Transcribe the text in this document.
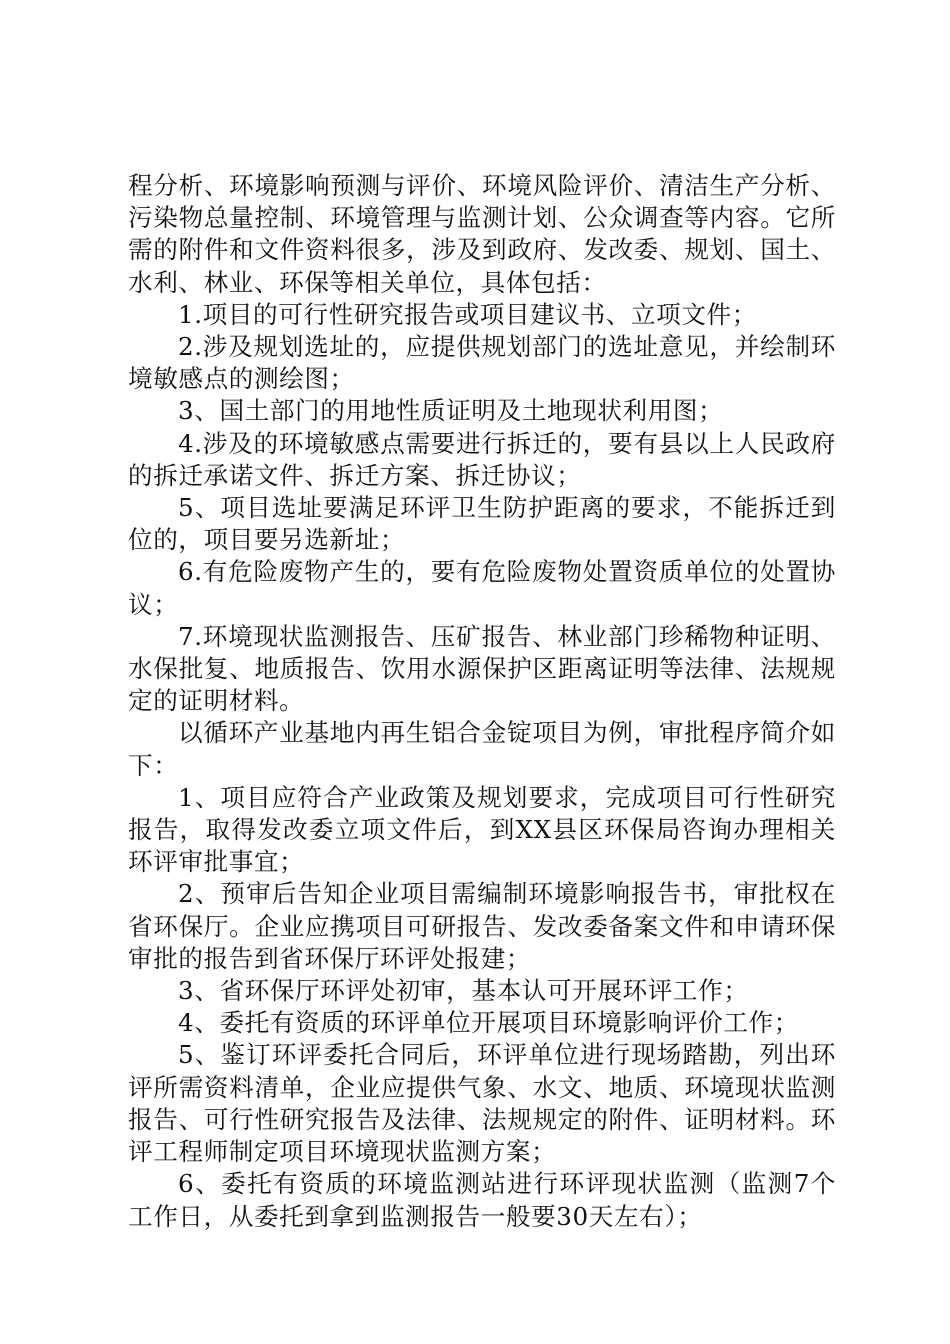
程分析、环境影响预测与评价、环境风险评价、清洁生产分析、污染物总量控制、环境管理与监测计划、公众调查等内容。它所需的附件和文件资料很多，涉及到政府、发改委、规划、国土、水利、林业、环保等相关单位，具体包括：

1.项目的可行性研究报告或项目建议书、立项文件；

2.涉及规划选址的，应提供规划部门的选址意见，并绘制环境敏感点的测绘图；

3、国土部门的用地性质证明及土地现状利用图；

4.涉及的环境敏感点需要进行拆迁的，要有县以上人民政府的拆迁承诺文件、拆迁方案、拆迁协议；

5、项目选址要满足环评卫生防护距离的要求，不能拆迁到位的，项目要另选新址；

6.有危险废物产生的，要有危险废物处置资质单位的处置协议；

7.环境现状监测报告、压矿报告、林业部门珍稀物种证明、水保批复、地质报告、饮用水源保护区距离证明等法律、法规规定的证明材料。

以循环产业基地内再生铝合金锭项目为例，审批程序简介如下：

1、项目应符合产业政策及规划要求，完成项目可行性研究报告，取得发改委立项文件后，到XX县区环保局咨询办理相关环评审批事宜；

2、预审后告知企业项目需编制环境影响报告书，审批权在省环保厅。企业应携项目可研报告、发改委备案文件和申请环保审批的报告到省环保厅环评处报建；

3、省环保厅环评处初审，基本认可开展环评工作；

4、委托有资质的环评单位开展项目环境影响评价工作；

5、鉴订环评委托合同后，环评单位进行现场踏勘，列出环评所需资料清单，企业应提供气象、水文、地质、环境现状监测报告、可行性研究报告及法律、法规规定的附件、证明材料。环评工程师制定项目环境现状监测方案；

6、委托有资质的环境监测站进行环评现状监测（监测7个工作日，从委托到拿到监测报告一般要30天左右）；
